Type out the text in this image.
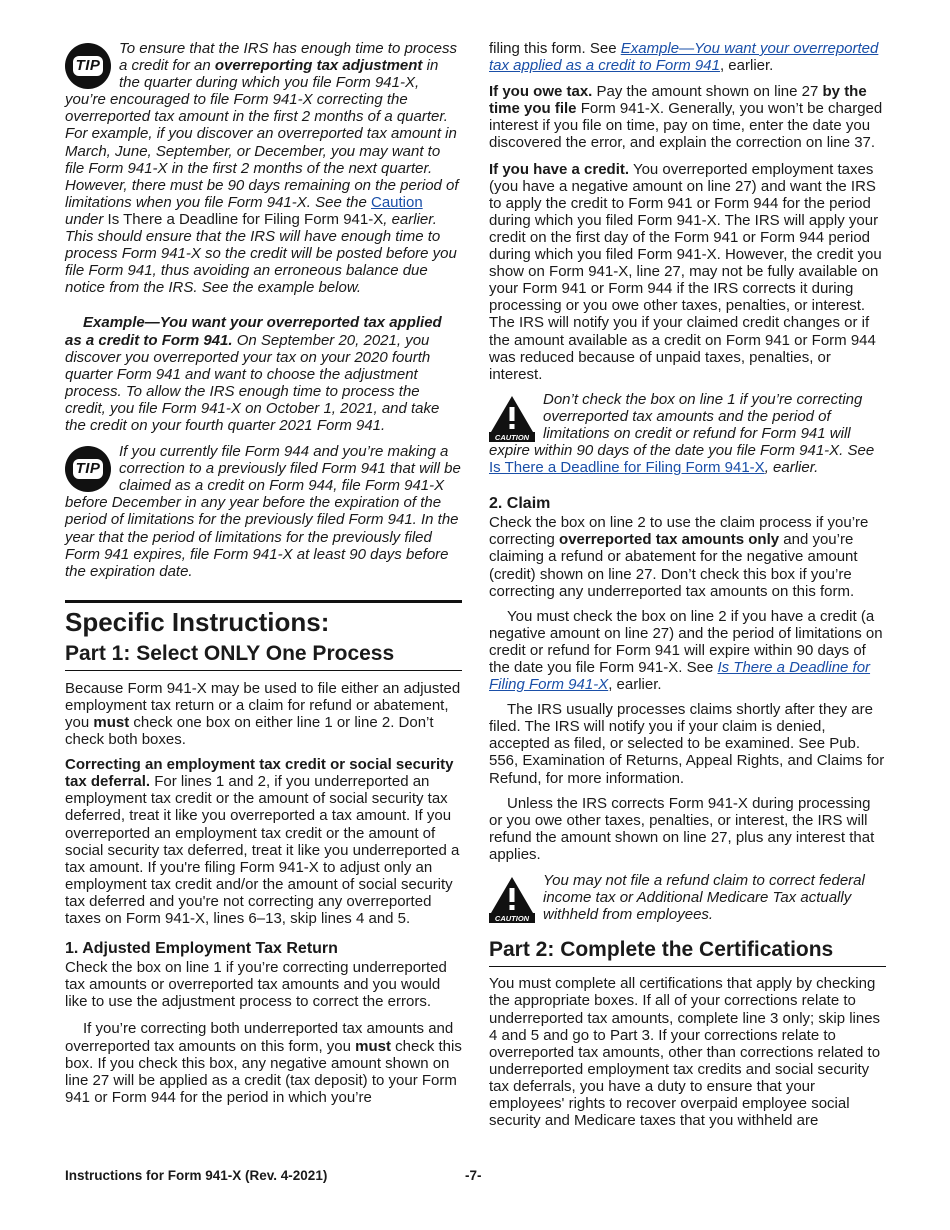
TIP

To ensure that the IRS has enough time to process a credit for an overreporting tax adjustment in the quarter during which you file Form 941-X, you’re encouraged to file Form 941-X correcting the overreported tax amount in the first 2 months of a quarter. For example, if you discover an overreported tax amount in March, June, September, or December, you may want to file Form 941-X in the first 2 months of the next quarter. However, there must be 90 days remaining on the period of limitations when you file Form 941-X. See the Caution under Is There a Deadline for Filing Form 941-X, earlier. This should ensure that the IRS will have enough time to process Form 941-X so the credit will be posted before you file Form 941, thus avoiding an erroneous balance due notice from the IRS. See the example below.

Example—You want your overreported tax applied as a credit to Form 941. On September 20, 2021, you discover you overreported your tax on your 2020 fourth quarter Form 941 and want to choose the adjustment process. To allow the IRS enough time to process the credit, you file Form 941-X on October 1, 2021, and take the credit on your fourth quarter 2021 Form 941.

TIP

If you currently file Form 944 and you’re making a correction to a previously filed Form 941 that will be claimed as a credit on Form 944, file Form 941-X before December in any year before the expiration of the period of limitations for the previously filed Form 941. In the year that the period of limitations for the previously filed Form 941 expires, file Form 941-X at least 90 days before the expiration date.

Specific Instructions:
Part 1: Select ONLY One Process

Because Form 941-X may be used to file either an adjusted employment tax return or a claim for refund or abatement, you must check one box on either line 1 or line 2. Don’t check both boxes.

Correcting an employment tax credit or social security tax deferral. For lines 1 and 2, if you underreported an employment tax credit or the amount of social security tax deferred, treat it like you overreported a tax amount. If you overreported an employment tax credit or the amount of social security tax deferred, treat it like you underreported a tax amount. If you're filing Form 941-X to adjust only an employment tax credit and/or the amount of social security tax deferred and you're not correcting any overreported taxes on Form 941-X, lines 6–13, skip lines 4 and 5.

1. Adjusted Employment Tax Return

Check the box on line 1 if you’re correcting underreported tax amounts or overreported tax amounts and you would like to use the adjustment process to correct the errors.

If you’re correcting both underreported tax amounts and overreported tax amounts on this form, you must check this box. If you check this box, any negative amount shown on line 27 will be applied as a credit (tax deposit) to your Form 941 or Form 944 for the period in which you’re

filing this form. See Example—You want your overreported tax applied as a credit to Form 941, earlier.

If you owe tax. Pay the amount shown on line 27 by the time you file Form 941-X. Generally, you won’t be charged interest if you file on time, pay on time, enter the date you discovered the error, and explain the correction on line 37.

If you have a credit. You overreported employment taxes (you have a negative amount on line 27) and want the IRS to apply the credit to Form 941 or Form 944 for the period during which you filed Form 941-X. The IRS will apply your credit on the first day of the Form 941 or Form 944 period during which you filed Form 941-X. However, the credit you show on Form 941-X, line 27, may not be fully available on your Form 941 or Form 944 if the IRS corrects it during processing or you owe other taxes, penalties, or interest. The IRS will notify you if your claimed credit changes or if the amount available as a credit on Form 941 or Form 944 was reduced because of unpaid taxes, penalties, or interest.

CAUTION

Don’t check the box on line 1 if you’re correcting overreported tax amounts and the period of limitations on credit or refund for Form 941 will expire within 90 days of the date you file Form 941-X. See Is There a Deadline for Filing Form 941-X, earlier.

2. Claim

Check the box on line 2 to use the claim process if you’re correcting overreported tax amounts only and you’re claiming a refund or abatement for the negative amount (credit) shown on line 27. Don’t check this box if you’re correcting any underreported tax amounts on this form.

You must check the box on line 2 if you have a credit (a negative amount on line 27) and the period of limitations on credit or refund for Form 941 will expire within 90 days of the date you file Form 941-X. See Is There a Deadline for Filing Form 941-X, earlier.

The IRS usually processes claims shortly after they are filed. The IRS will notify you if your claim is denied, accepted as filed, or selected to be examined. See Pub. 556, Examination of Returns, Appeal Rights, and Claims for Refund, for more information.

Unless the IRS corrects Form 941-X during processing or you owe other taxes, penalties, or interest, the IRS will refund the amount shown on line 27, plus any interest that applies.

CAUTION

You may not file a refund claim to correct federal income tax or Additional Medicare Tax actually withheld from employees.

Part 2: Complete the Certifications

You must complete all certifications that apply by checking the appropriate boxes. If all of your corrections relate to underreported tax amounts, complete line 3 only; skip lines 4 and 5 and go to Part 3. If your corrections relate to overreported tax amounts, other than corrections related to underreported employment tax credits and social security tax deferrals, you have a duty to ensure that your employees' rights to recover overpaid employee social security and Medicare taxes that you withheld are

Instructions for Form 941-X (Rev. 4-2021)	-7-
